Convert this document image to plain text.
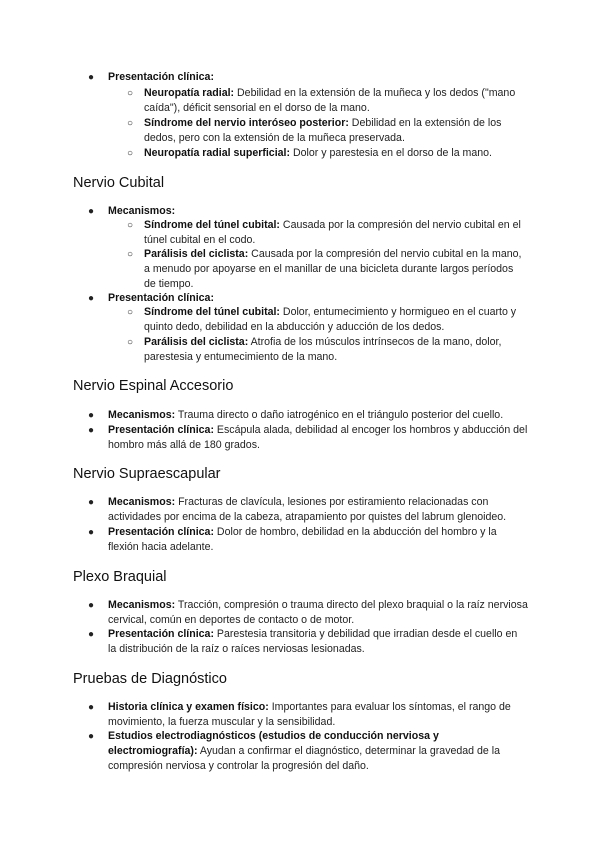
● Presentación clínica:
○ Neuropatía radial: Debilidad en la extensión de la muñeca y los dedos ("mano caída"), déficit sensorial en el dorso de la mano.
○ Síndrome del nervio interóseo posterior: Debilidad en la extensión de los dedos, pero con la extensión de la muñeca preservada.
○ Neuropatía radial superficial: Dolor y parestesia en el dorso de la mano.
Nervio Cubital
● Mecanismos:
○ Síndrome del túnel cubital: Causada por la compresión del nervio cubital en el túnel cubital en el codo.
○ Parálisis del ciclista: Causada por la compresión del nervio cubital en la mano, a menudo por apoyarse en el manillar de una bicicleta durante largos períodos de tiempo.
● Presentación clínica:
○ Síndrome del túnel cubital: Dolor, entumecimiento y hormigueo en el cuarto y quinto dedo, debilidad en la abducción y aducción de los dedos.
○ Parálisis del ciclista: Atrofia de los músculos intrínsecos de la mano, dolor, parestesia y entumecimiento de la mano.
Nervio Espinal Accesorio
● Mecanismos: Trauma directo o daño iatrogénico en el triángulo posterior del cuello.
● Presentación clínica: Escápula alada, debilidad al encoger los hombros y abducción del hombro más allá de 180 grados.
Nervio Supraescapular
● Mecanismos: Fracturas de clavícula, lesiones por estiramiento relacionadas con actividades por encima de la cabeza, atrapamiento por quistes del labrum glenoideo.
● Presentación clínica: Dolor de hombro, debilidad en la abducción del hombro y la flexión hacia adelante.
Plexo Braquial
● Mecanismos: Tracción, compresión o trauma directo del plexo braquial o la raíz nerviosa cervical, común en deportes de contacto o de motor.
● Presentación clínica: Parestesia transitoria y debilidad que irradian desde el cuello en la distribución de la raíz o raíces nerviosas lesionadas.
Pruebas de Diagnóstico
● Historia clínica y examen físico: Importantes para evaluar los síntomas, el rango de movimiento, la fuerza muscular y la sensibilidad.
● Estudios electrodiagnósticos (estudios de conducción nerviosa y electromiografía): Ayudan a confirmar el diagnóstico, determinar la gravedad de la compresión nerviosa y controlar la progresión del daño.
